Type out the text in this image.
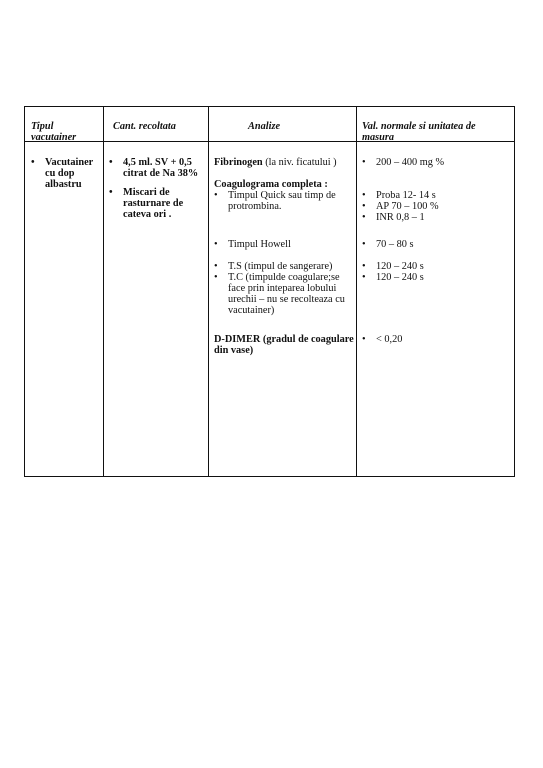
Tipul vacutainer
Cant. recoltata	Analize	Val. normale si unitatea de masura
• Vacutainer cu dop albastru
• 4,5 ml. SV + 0,5 citrat de Na 38%
• Miscari de rasturnare de cateva ori .
Fibrinogen (la niv. ficatului )
Coagulograma completa :
• Timpul Quick sau timp de protrombina.
• Timpul Howell
• T.S (timpul de sangerare)
• T.C (timpulde coagulare;se face prin inteparea lobului urechii – nu se recolteaza cu vacutainer)
D-DIMER (gradul de coagulare din vase)
• 200 – 400 mg %
• Proba 12- 14 s
• AP 70 – 100 %
• INR 0,8 – 1
• 70 – 80 s
• 120 – 240 s
• 120 – 240 s
• < 0,20
